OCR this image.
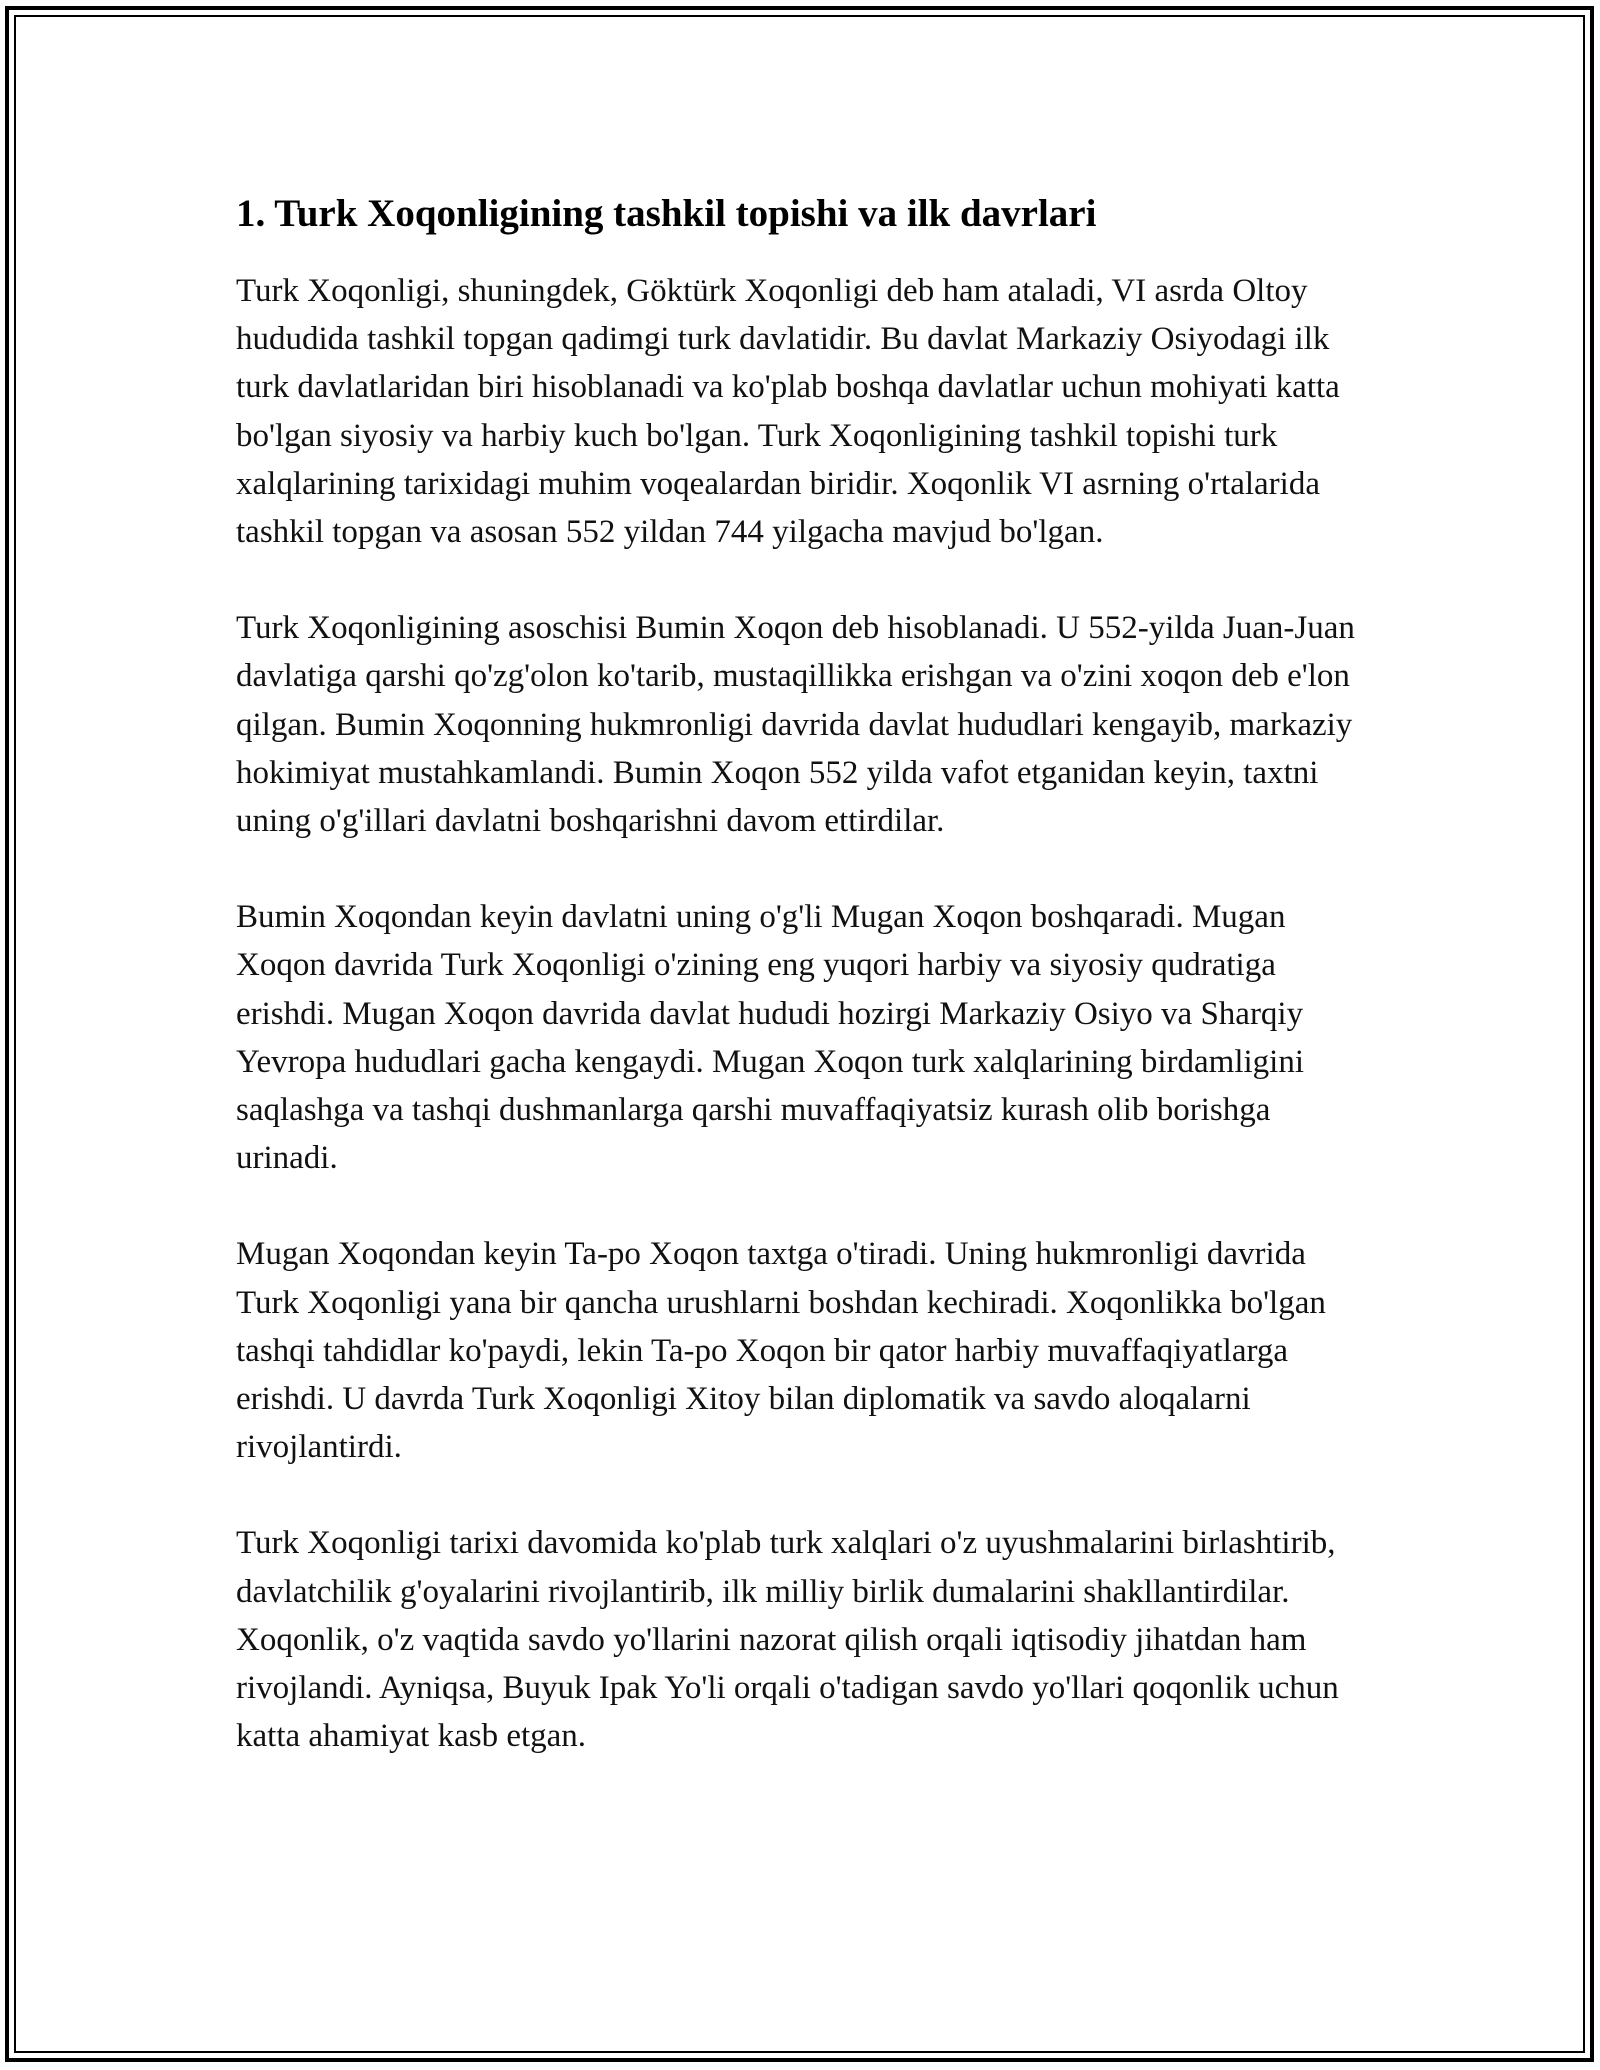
1. Turk Xoqonligining tashkil topishi va ilk davrlari

Turk Xoqonligi, shuningdek, Göktürk Xoqonligi deb ham ataladi, VI asrda Oltoy hududida tashkil topgan qadimgi turk davlatidir. Bu davlat Markaziy Osiyodagi ilk turk davlatlaridan biri hisoblanadi va ko'plab boshqa davlatlar uchun mohiyati katta bo'lgan siyosiy va harbiy kuch bo'lgan. Turk Xoqonligining tashkil topishi turk xalqlarining tarixidagi muhim voqealardan biridir. Xoqonlik VI asrning o'rtalarida tashkil topgan va asosan 552 yildan 744 yilgacha mavjud bo'lgan.

Turk Xoqonligining asoschisi Bumin Xoqon deb hisoblanadi. U 552-yilda Juan-Juan davlatiga qarshi qo'zg'olon ko'tarib, mustaqillikka erishgan va o'zini xoqon deb e'lon qilgan. Bumin Xoqonning hukmronligi davrida davlat hududlari kengayib, markaziy hokimiyat mustahkamlandi. Bumin Xoqon 552 yilda vafot etganidan keyin, taxtni uning o'g'illari davlatni boshqarishni davom ettirdilar.

Bumin Xoqondan keyin davlatni uning o'g'li Mugan Xoqon boshqaradi. Mugan Xoqon davrida Turk Xoqonligi o'zining eng yuqori harbiy va siyosiy qudratiga erishdi. Mugan Xoqon davrida davlat hududi hozirgi Markaziy Osiyo va Sharqiy Yevropa hududlari gacha kengaydi. Mugan Xoqon turk xalqlarining birdamligini saqlashga va tashqi dushmanlarga qarshi muvaffaqiyatsiz kurash olib borishga urinadi.

Mugan Xoqondan keyin Ta-po Xoqon taxtga o'tiradi. Uning hukmronligi davrida Turk Xoqonligi yana bir qancha urushlarni boshdan kechiradi. Xoqonlikka bo'lgan tashqi tahdidlar ko'paydi, lekin Ta-po Xoqon bir qator harbiy muvaffaqiyatlarga erishdi. U davrda Turk Xoqonligi Xitoy bilan diplomatik va savdo aloqalarni rivojlantirdi.

Turk Xoqonligi tarixi davomida ko'plab turk xalqlari o'z uyushmalarini birlashtirib, davlatchilik g'oyalarini rivojlantirib, ilk milliy birlik dumalarini shakllantirdilar. Xoqonlik, o'z vaqtida savdo yo'llarini nazorat qilish orqali iqtisodiy jihatdan ham rivojlandi. Ayniqsa, Buyuk Ipak Yo'li orqali o'tadigan savdo yo'llari qoqonlik uchun katta ahamiyat kasb etgan.
